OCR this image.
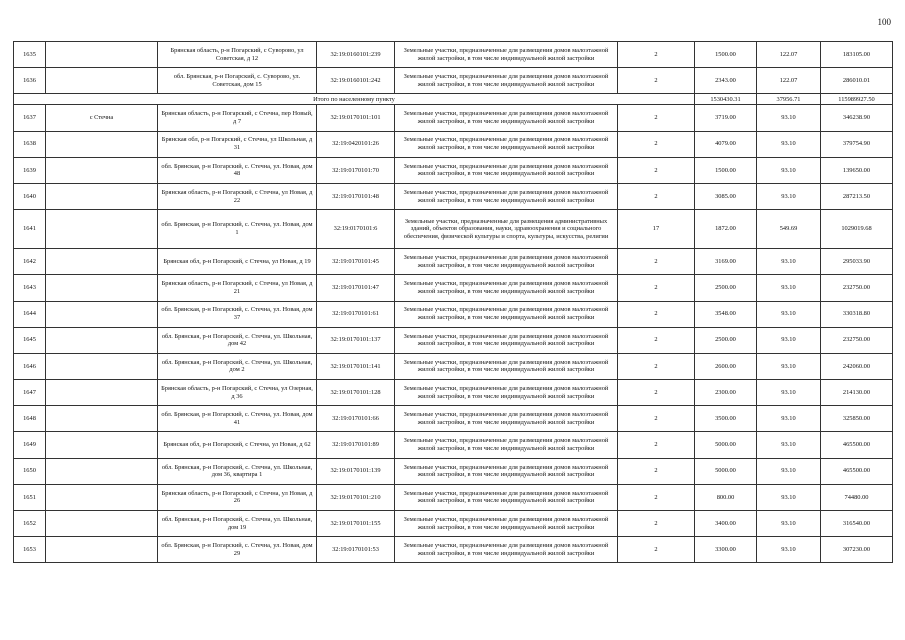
100
1635		Брянская область, р-н Погарский, с Суворово, ул Советская, д 12	32:19:0160101:239	Земельные участки, предназначенные для размещения домов малоэтажной жилой застройки, в том числе индивидуальной жилой застройки	2	1500.00	122.07	183105.00
1636		обл. Брянская, р-н Погарский, с. Суворово, ул. Советская, дом 15	32:19:0160101:242	Земельные участки, предназначенные для размещения домов малоэтажной жилой застройки, в том числе индивидуальной жилой застройки	2	2343.00	122.07	286010.01
Итого по населенному пункту						1530430.31	37956.71	115989927.50
1637	с Стечна	Брянская область, р-н Погарский, с Стечна, пер Новый, д 7	32:19:0170101:101	Земельные участки, предназначенные для размещения домов малоэтажной жилой застройки, в том числе индивидуальной жилой застройки	2	3719.00	93.10	346238.90
1638		Брянская обл, р-н Погарский, с Стечна, ул Школьная, д 31	32:19:0420101:26	Земельные участки, предназначенные для размещения домов малоэтажной жилой застройки, в том числе индивидуальной жилой застройки	2	4079.00	93.10	379754.90
1639		обл. Брянская, р-н Погарский, с. Стечна, ул. Новая, дом 48	32:19:0170101:70	Земельные участки, предназначенные для размещения домов малоэтажной жилой застройки, в том числе индивидуальной жилой застройки	2	1500.00	93.10	139650.00
1640		Брянская область, р-н Погарский, с Стечна, ул Новая, д 22	32:19:0170101:48	Земельные участки, предназначенные для размещения домов малоэтажной жилой застройки, в том числе индивидуальной жилой застройки	2	3085.00	93.10	287213.50
1641		обл. Брянская, р-н Погарский, с. Стечна, ул. Новая, дом 1	32:19:0170101:6	Земельные участки, предназначенные для размещения административных зданий, объектов образования, науки, здравоохранения и социального обеспечения, физической культуры и спорта, культуры, искусства, религии	17	1872.00	549.69	1029019.68
1642		Брянская обл, р-н Погарский, с Стечна, ул Новая, д 19	32:19:0170101:45	Земельные участки, предназначенные для размещения домов малоэтажной жилой застройки, в том числе индивидуальной жилой застройки	2	3169.00	93.10	295033.90
1643		Брянская область, р-н Погарский, с Стечна, ул Новая, д 21	32:19:0170101:47	Земельные участки, предназначенные для размещения домов малоэтажной жилой застройки, в том числе индивидуальной жилой застройки	2	2500.00	93.10	232750.00
1644		обл. Брянская, р-н Погарский, с. Стечна, ул. Новая, дом 37	32:19:0170101:61	Земельные участки, предназначенные для размещения домов малоэтажной жилой застройки, в том числе индивидуальной жилой застройки	2	3548.00	93.10	330318.80
1645		обл. Брянская, р-н Погарский, с. Стечна, ул. Школьная, дом 42	32:19:0170101:137	Земельные участки, предназначенные для размещения домов малоэтажной жилой застройки, в том числе индивидуальной жилой застройки	2	2500.00	93.10	232750.00
1646		обл. Брянская, р-н Погарский, с. Стечна, ул. Школьная, дом 2	32:19:0170101:141	Земельные участки, предназначенные для размещения домов малоэтажной жилой застройки, в том числе индивидуальной жилой застройки	2	2600.00	93.10	242060.00
1647		Брянская область, р-н Погарский, с Стечна, ул Озерная, д 36	32:19:0170101:128	Земельные участки, предназначенные для размещения домов малоэтажной жилой застройки, в том числе индивидуальной жилой застройки	2	2300.00	93.10	214130.00
1648		обл. Брянская, р-н Погарский, с. Стечна, ул. Новая, дом 41	32:19:0170101:66	Земельные участки, предназначенные для размещения домов малоэтажной жилой застройки, в том числе индивидуальной жилой застройки	2	3500.00	93.10	325850.00
1649		Брянская обл, р-н Погарский, с Стечна, ул Новая, д 62	32:19:0170101:89	Земельные участки, предназначенные для размещения домов малоэтажной жилой застройки, в том числе индивидуальной жилой застройки	2	5000.00	93.10	465500.00
1650		обл. Брянская, р-н Погарский, с. Стечна, ул. Школьная, дом 36, квартира 1	32:19:0170101:139	Земельные участки, предназначенные для размещения домов малоэтажной жилой застройки, в том числе индивидуальной жилой застройки	2	5000.00	93.10	465500.00
1651		Брянская область, р-н Погарский, с Стечна, ул Новая, д 26	32:19:0170101:210	Земельные участки, предназначенные для размещения домов малоэтажной жилой застройки, в том числе индивидуальной жилой застройки	2	800.00	93.10	74480.00
1652		обл. Брянская, р-н Погарский, с. Стечна, ул. Школьная, дом 19	32:19:0170101:155	Земельные участки, предназначенные для размещения домов малоэтажной жилой застройки, в том числе индивидуальной жилой застройки	2	3400.00	93.10	316540.00
1653		обл. Брянская, р-н Погарский, с. Стечна, ул. Новая, дом 29	32:19:0170101:53	Земельные участки, предназначенные для размещения домов малоэтажной жилой застройки, в том числе индивидуальной жилой застройки	2	3300.00	93.10	307230.00
